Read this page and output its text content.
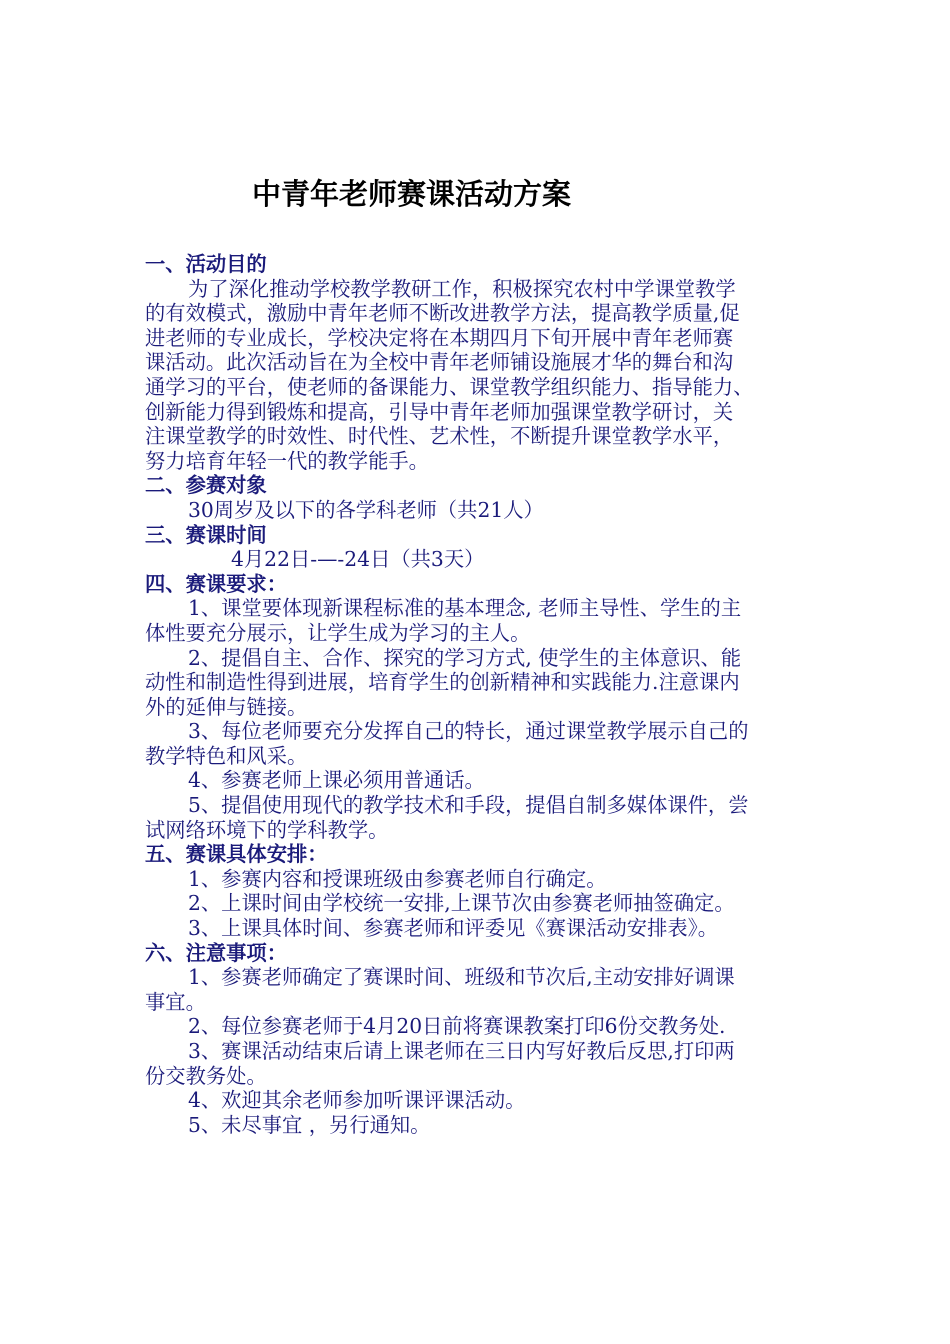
中青年老师赛课活动方案
一、活动目的
为了深化推动学校教学教研工作，积极探究农村中学课堂教学
的有效模式，激励中青年老师不断改进教学方法，提高教学质量,促
进老师的专业成长，学校决定将在本期四月下旬开展中青年老师赛
课活动。此次活动旨在为全校中青年老师铺设施展才华的舞台和沟
通学习的平台，使老师的备课能力、课堂教学组织能力、指导能力、
创新能力得到锻炼和提高，引导中青年老师加强课堂教学研讨，关
注课堂教学的时效性、时代性、艺术性，不断提升课堂教学水平，
努力培育年轻一代的教学能手。
二、参赛对象
30周岁及以下的各学科老师（共21人）
三、赛课时间
4月22日-—-24日（共3天）
四、赛课要求：
1、课堂要体现新课程标准的基本理念, 老师主导性、学生的主
体性要充分展示，让学生成为学习的主人。
2、提倡自主、合作、探究的学习方式, 使学生的主体意识、能
动性和制造性得到进展，培育学生的创新精神和实践能力.注意课内
外的延伸与链接。
3、每位老师要充分发挥自己的特长，通过课堂教学展示自己的
教学特色和风采。
4、参赛老师上课必须用普通话。
5、提倡使用现代的教学技术和手段，提倡自制多媒体课件，尝
试网络环境下的学科教学。
五、赛课具体安排：
1、参赛内容和授课班级由参赛老师自行确定。
2、上课时间由学校统一安排,上课节次由参赛老师抽签确定。
3、上课具体时间、参赛老师和评委见《赛课活动安排表》。
六、注意事项：
1、参赛老师确定了赛课时间、班级和节次后,主动安排好调课
事宜。
2、每位参赛老师于4月20日前将赛课教案打印6份交教务处.
3、赛课活动结束后请上课老师在三日内写好教后反思,打印两
份交教务处。
4、欢迎其余老师参加听课评课活动。
5、未尽事宜 ，另行通知。
